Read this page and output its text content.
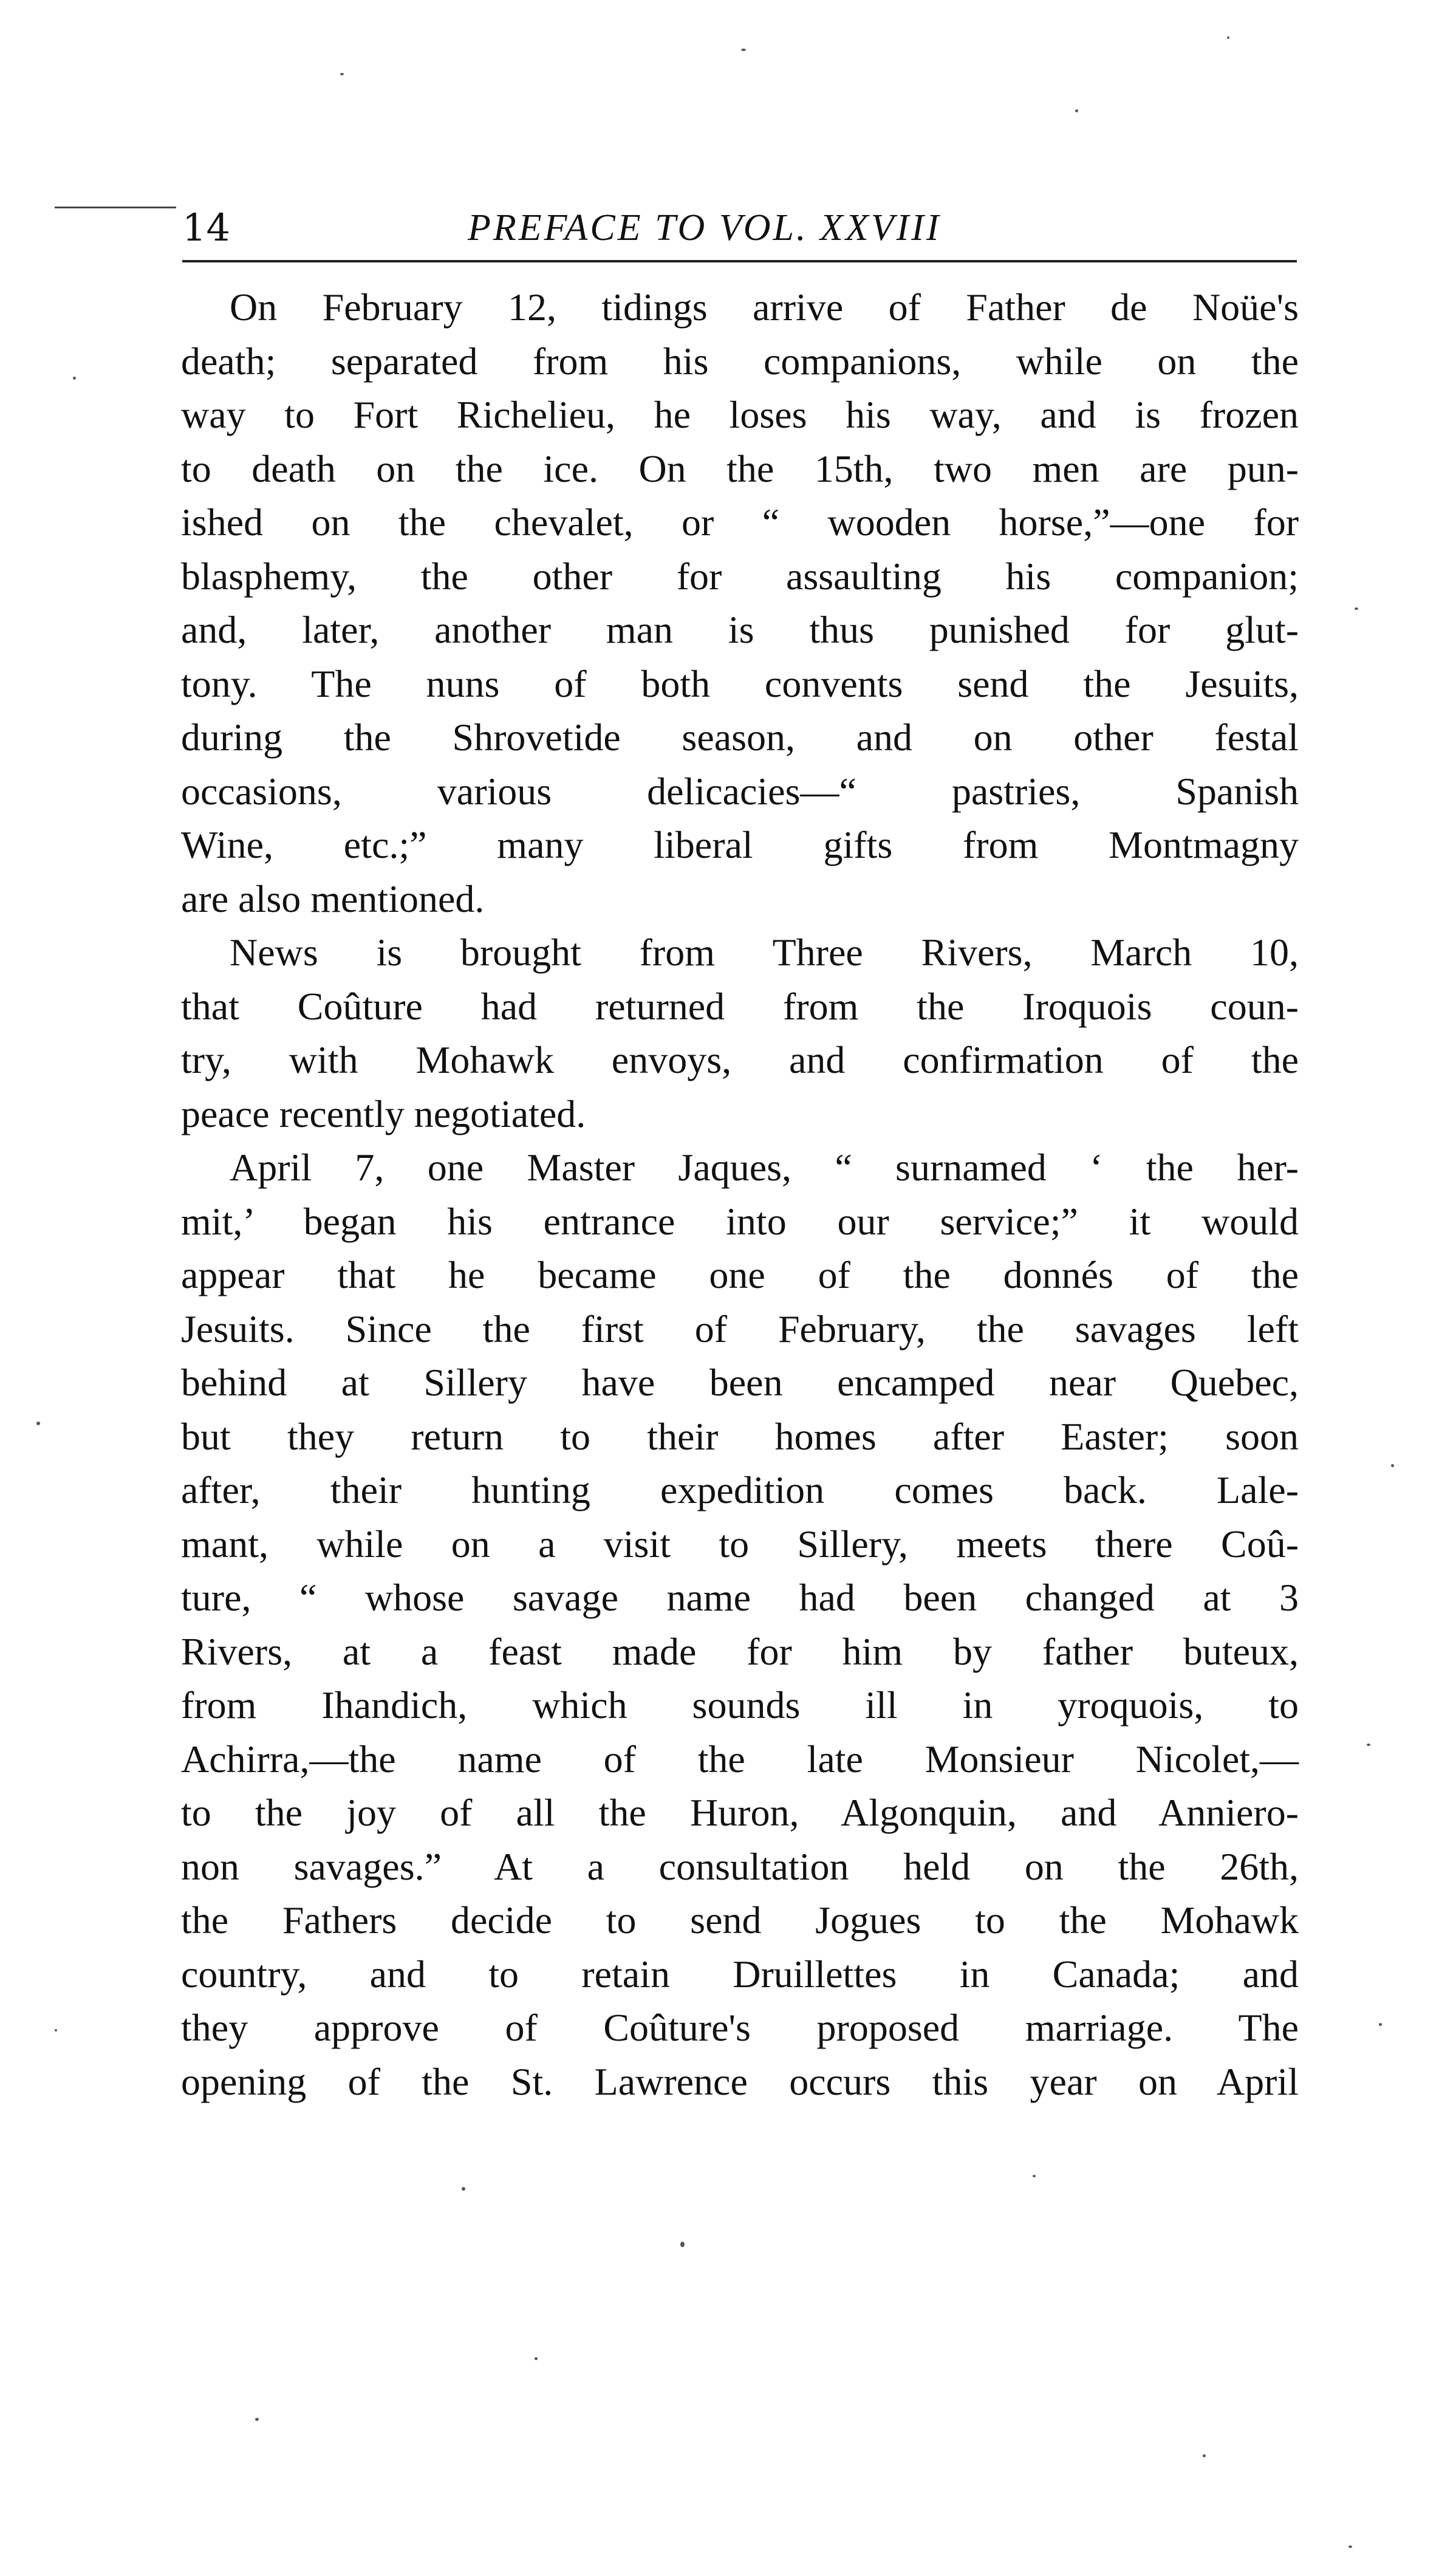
14	PREFACE TO VOL. XXVIII
On February 12, tidings arrive of Father de Noüe's
death; separated from his companions, while on the
way to Fort Richelieu, he loses his way, and is frozen
to death on the ice. On the 15th, two men are pun-
ished on the chevalet, or “ wooden horse,”—one for
blasphemy, the other for assaulting his companion;
and, later, another man is thus punished for glut-
tony. The nuns of both convents send the Jesuits,
during the Shrovetide season, and on other festal
occasions, various delicacies—“ pastries, Spanish
Wine, etc.;” many liberal gifts from Montmagny
are also mentioned.
News is brought from Three Rivers, March 10,
that Coûture had returned from the Iroquois coun-
try, with Mohawk envoys, and confirmation of the
peace recently negotiated.
April 7, one Master Jaques, “ surnamed ‘ the her-
mit,’ began his entrance into our service;” it would
appear that he became one of the donnés of the
Jesuits. Since the first of February, the savages left
behind at Sillery have been encamped near Quebec,
but they return to their homes after Easter; soon
after, their hunting expedition comes back. Lale-
mant, while on a visit to Sillery, meets there Coû-
ture, “ whose savage name had been changed at 3
Rivers, at a feast made for him by father buteux,
from Ihandich, which sounds ill in yroquois, to
Achirra,—the name of the late Monsieur Nicolet,—
to the joy of all the Huron, Algonquin, and Anniero-
non savages.” At a consultation held on the 26th,
the Fathers decide to send Jogues to the Mohawk
country, and to retain Druillettes in Canada; and
they approve of Coûture's proposed marriage. The
opening of the St. Lawrence occurs this year on April
